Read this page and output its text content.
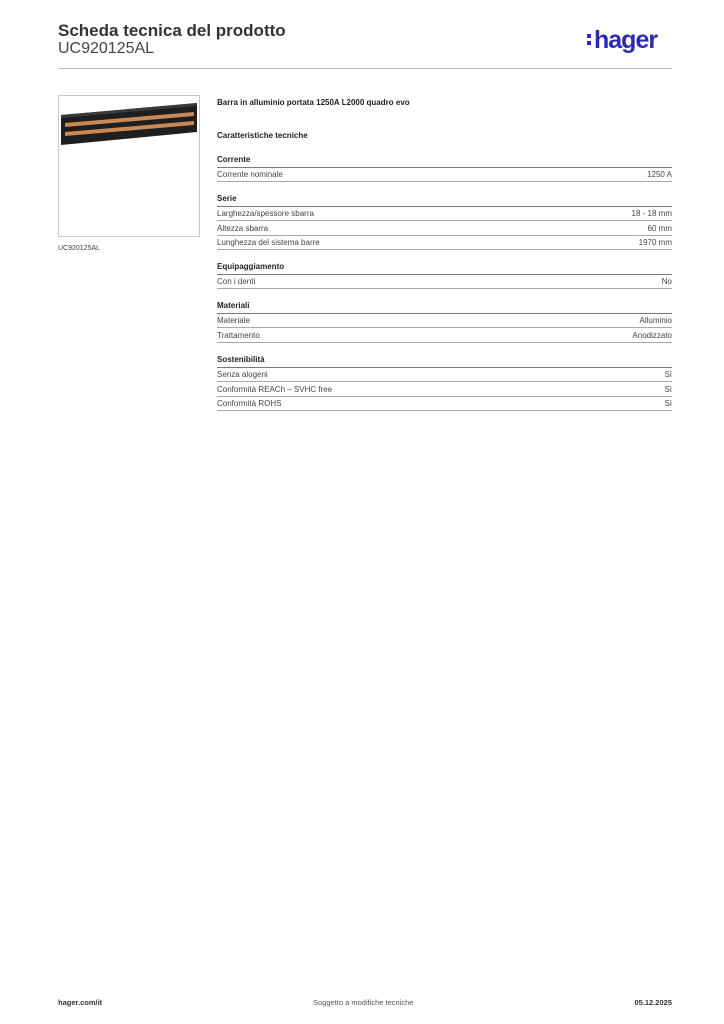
Scheda tecnica del prodotto
UC920125AL	hager
UC920125AL
Barra in alluminio portata 1250A L2000 quadro evo
Caratteristiche tecniche
Corrente
Corrente nominale	1250 A
Serie
Larghezza/spessore sbarra	18 - 18 mm
Altezza sbarra	60 mm
Lunghezza del sistema barre	1970 mm
Equipaggiamento
Con i denti	No
Materiali
Materiale	Alluminio
Trattamento	Anodizzato
Sostenibilità
Senza alogeni	Sì
Conformità REACh – SVHC free	Sì
Conformità ROHS	Sì
hager.com/it	Soggetto a modifiche tecniche	05.12.2025
